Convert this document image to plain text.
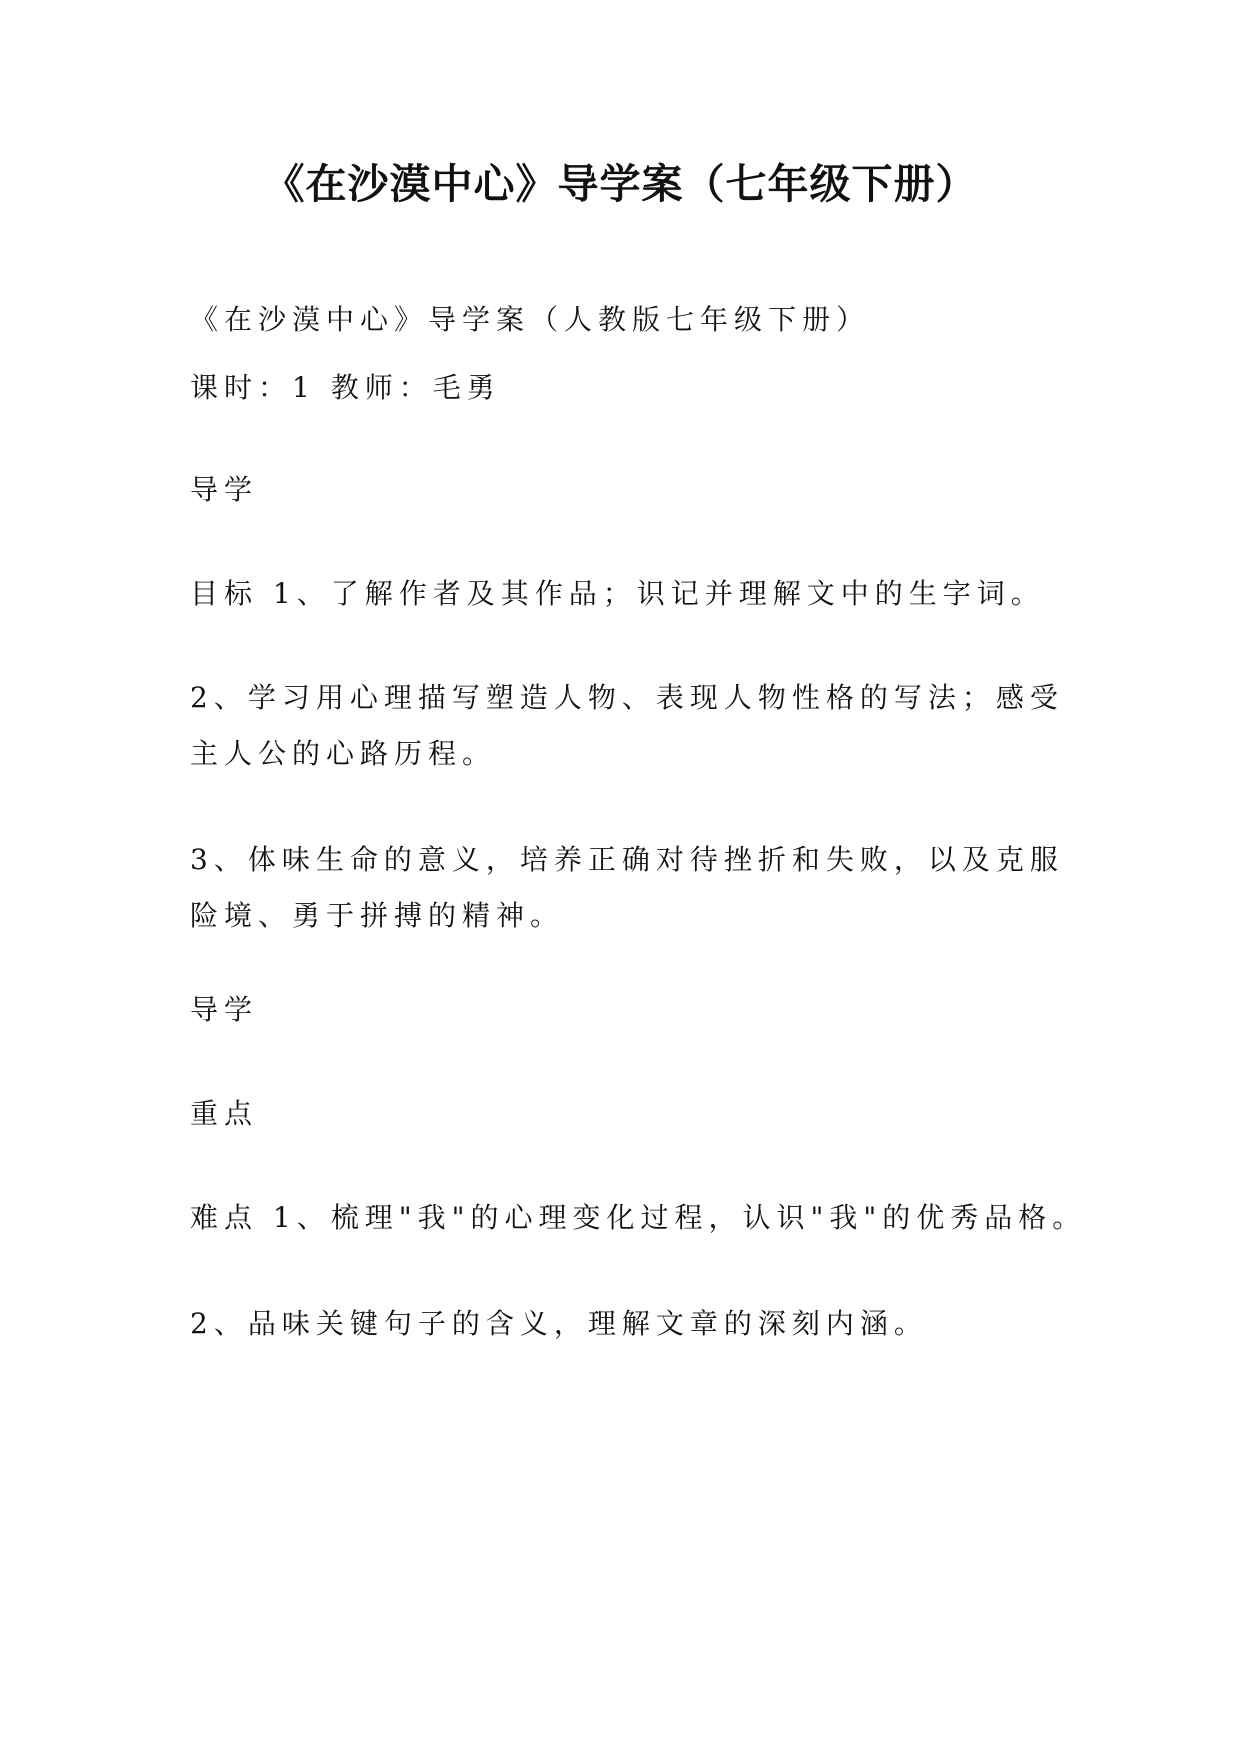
《在沙漠中心》导学案（七年级下册）
《在沙漠中心》导学案（人教版七年级下册）
课时：1 教师：毛勇
导学
目标 1、了解作者及其作品；识记并理解文中的生字词。
2、学习用心理描写塑造人物、表现人物性格的写法；感受
主人公的心路历程。
3、体味生命的意义，培养正确对待挫折和失败，以及克服
险境、勇于拼搏的精神。
导学
重点
难点 1、梳理"我"的心理变化过程，认识"我"的优秀品格。
2、品味关键句子的含义，理解文章的深刻内涵。
